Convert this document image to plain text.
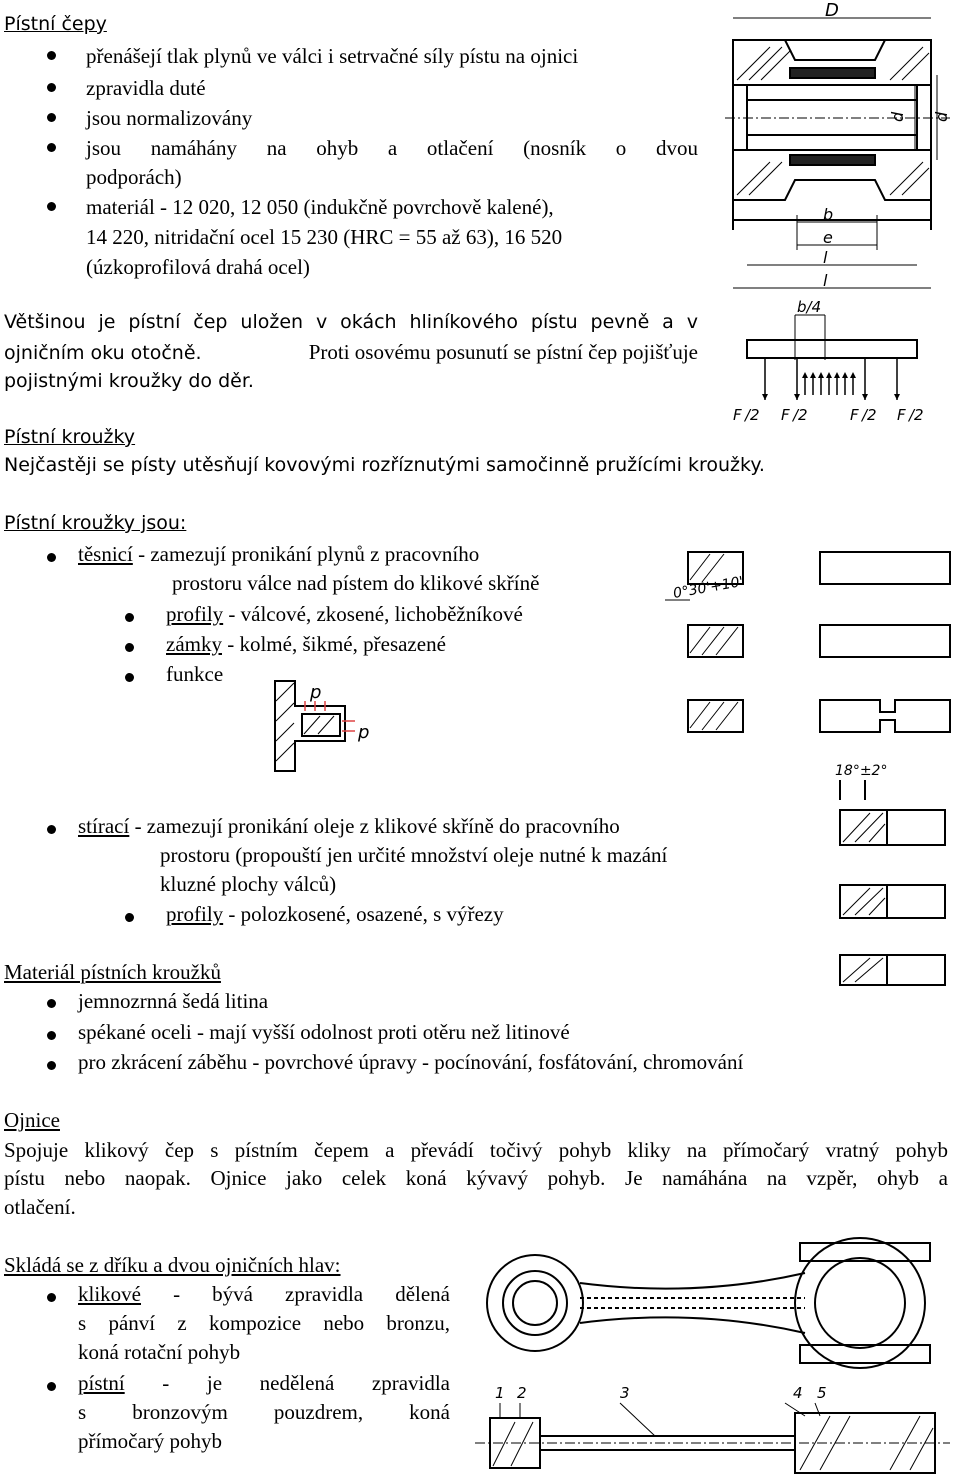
Pístní čepy
přenášejí tlak plynů ve válci i setrvačné síly pístu na ojnici
zpravidla duté
jsou normalizovány
jsou namáhány na ohyb a otlačení (nosník o dvou
podporách)
materiál - 12 020, 12 050 (indukčně povrchově kalené),
14 220, nitridační ocel 15 230 (HRC = 55 až 63), 16 520
(úzkoprofilová drahá ocel)
Většinou je pístní čep uložen v okách hliníkového pístu pevně a v
ojničním oku otočně.	Proti osovému posunutí se pístní čep pojišťuje
pojistnými kroužky do děr.
D
d d
b
e
l
l
b/4
F /2 F /2	F /2 F /2
Pístní kroužky
Nejčastěji se písty utěsňují kovovými rozříznutými samočinně pružícími kroužky.
Pístní kroužky jsou:
těsnicí - zamezují pronikání plynů z pracovního
prostoru válce nad pístem do klikové skříně
profily - válcové, zkosené, lichoběžníkové
zámky - kolmé, šikmé, přesazené
funkce
p
p
0°30'+10'
stírací - zamezují pronikání oleje z klikové skříně do pracovního
prostoru (propouští jen určité množství oleje nutné k mazání
kluzné plochy válců)
profily - polozkosené, osazené, s výřezy
18°±2°
Materiál pístních kroužků
jemnozrnná šedá litina
spékané oceli - mají vyšší odolnost proti otěru než litinové
pro zkrácení záběhu - povrchové úpravy - pocínování, fosfátování, chromování
Ojnice
Spojuje klikový čep s pístním čepem a převádí točivý pohyb kliky na přímočarý vratný pohyb
pístu nebo naopak. Ojnice jako celek koná kývavý pohyb. Je namáhána na vzpěr, ohyb a
otlačení.
Skládá se z dříku a dvou ojničních hlav:
klikové - bývá zpravidla dělená
s pánví z kompozice nebo bronzu,
koná rotační pohyb
pístní - je nedělená zpravidla
s bronzovým pouzdrem, koná
přímočarý pohyb
1 2	3	4 5
